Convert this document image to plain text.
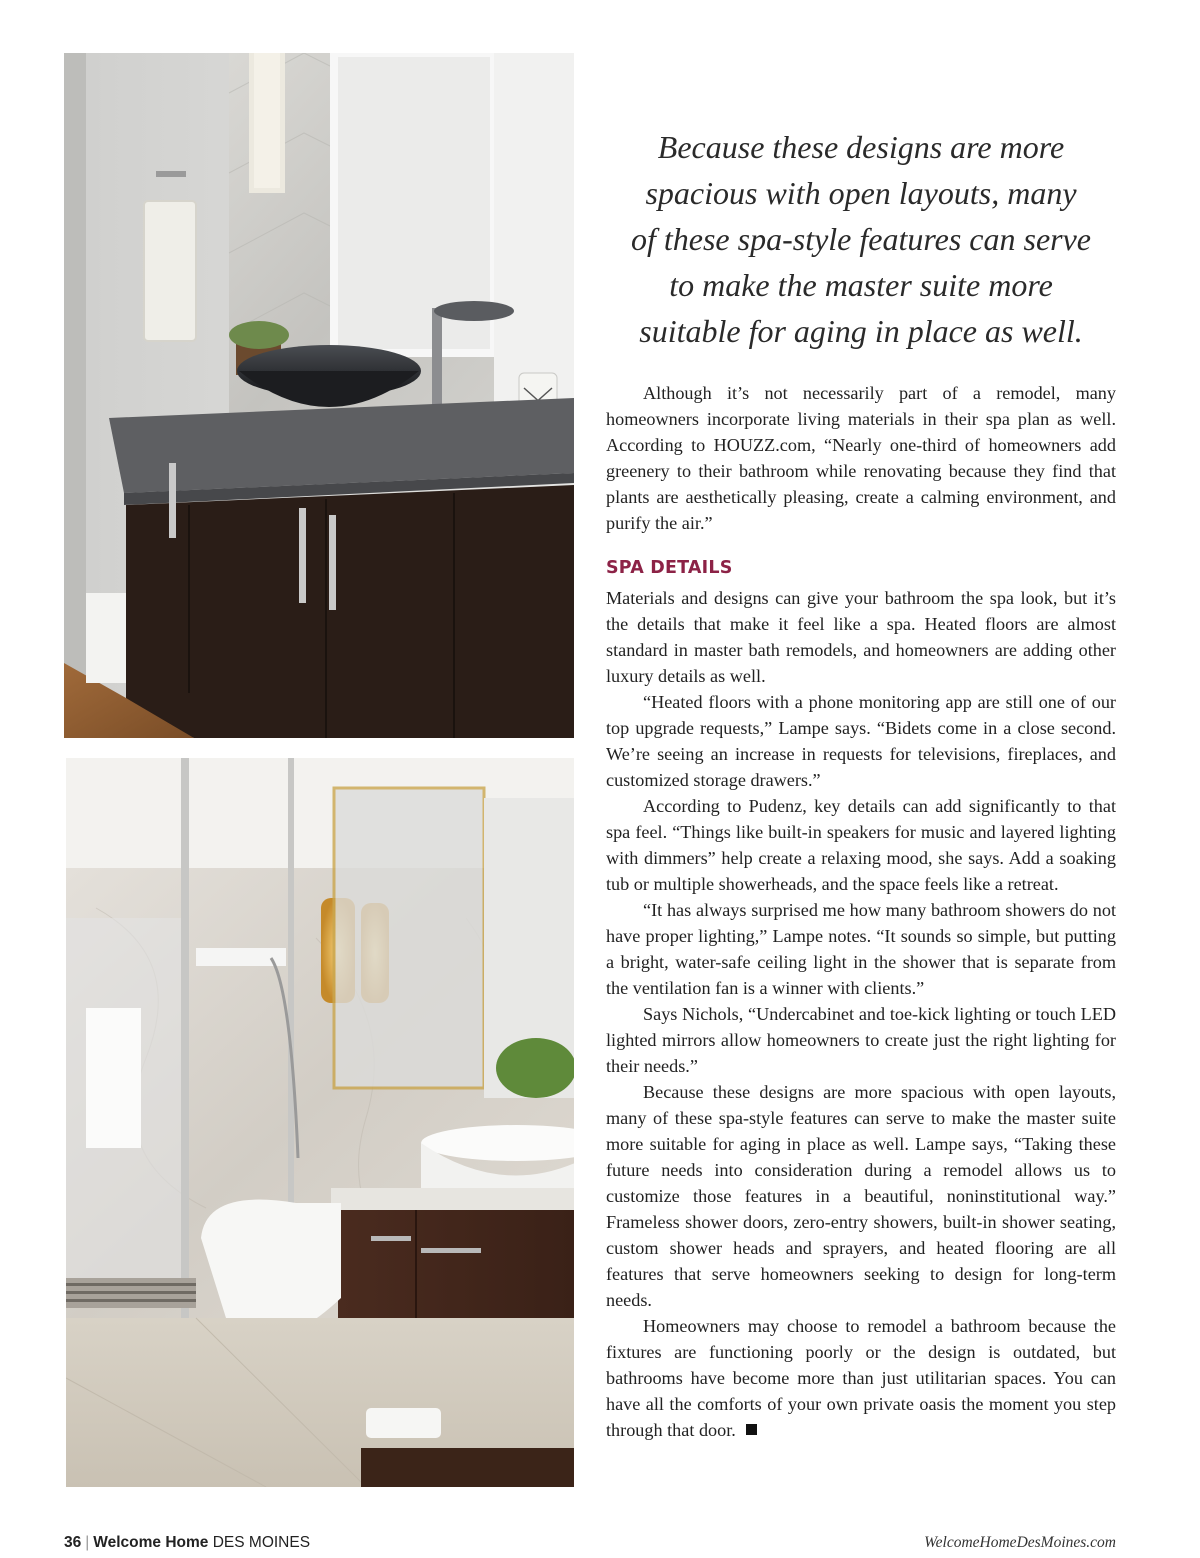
Because these designs are more
spacious with open layouts, many
of these spa-style features can serve
to make the master suite more
suitable for aging in place as well.

Although it’s not necessarily part of a remodel, many homeowners incorporate living materials in their spa plan as well. According to HOUZZ.com, “Nearly one-third of homeowners add greenery to their bathroom while renovating because they find that plants are aesthetically pleasing, create a calming environment, and purify the air.”

SPA DETAILS

Materials and designs can give your bathroom the spa look, but it’s the details that make it feel like a spa. Heated floors are almost standard in master bath remodels, and homeowners are adding other luxury details as well.

“Heated floors with a phone monitoring app are still one of our top upgrade requests,” Lampe says. “Bidets come in a close second. We’re seeing an increase in requests for televisions, fireplaces, and customized storage drawers.”

According to Pudenz, key details can add significantly to that spa feel. “Things like built-in speakers for music and layered lighting with dimmers” help create a relaxing mood, she says. Add a soaking tub or multiple showerheads, and the space feels like a retreat.

“It has always surprised me how many bathroom showers do not have proper lighting,” Lampe notes. “It sounds so simple, but putting a bright, water-safe ceiling light in the shower that is separate from the ventilation fan is a winner with clients.”

Says Nichols, “Undercabinet and toe-kick lighting or touch LED lighted mirrors allow homeowners to create just the right lighting for their needs.”

Because these designs are more spacious with open layouts, many of these spa-style features can serve to make the master suite more suitable for aging in place as well. Lampe says, “Taking these future needs into consideration during a remodel allows us to customize those features in a beautiful, noninstitutional way.” Frameless shower doors, zero-entry showers, built-in shower seating, custom shower heads and sprayers, and heated flooring are all features that serve homeowners seeking to design for long-term needs.

Homeowners may choose to remodel a bathroom because the fixtures are functioning poorly or the design is outdated, but bathrooms have become more than just utilitarian spaces. You can have all the comforts of your own private oasis the moment you step through that door.

36 | Welcome Home DES MOINES	WelcomeHomeDesMoines.com
